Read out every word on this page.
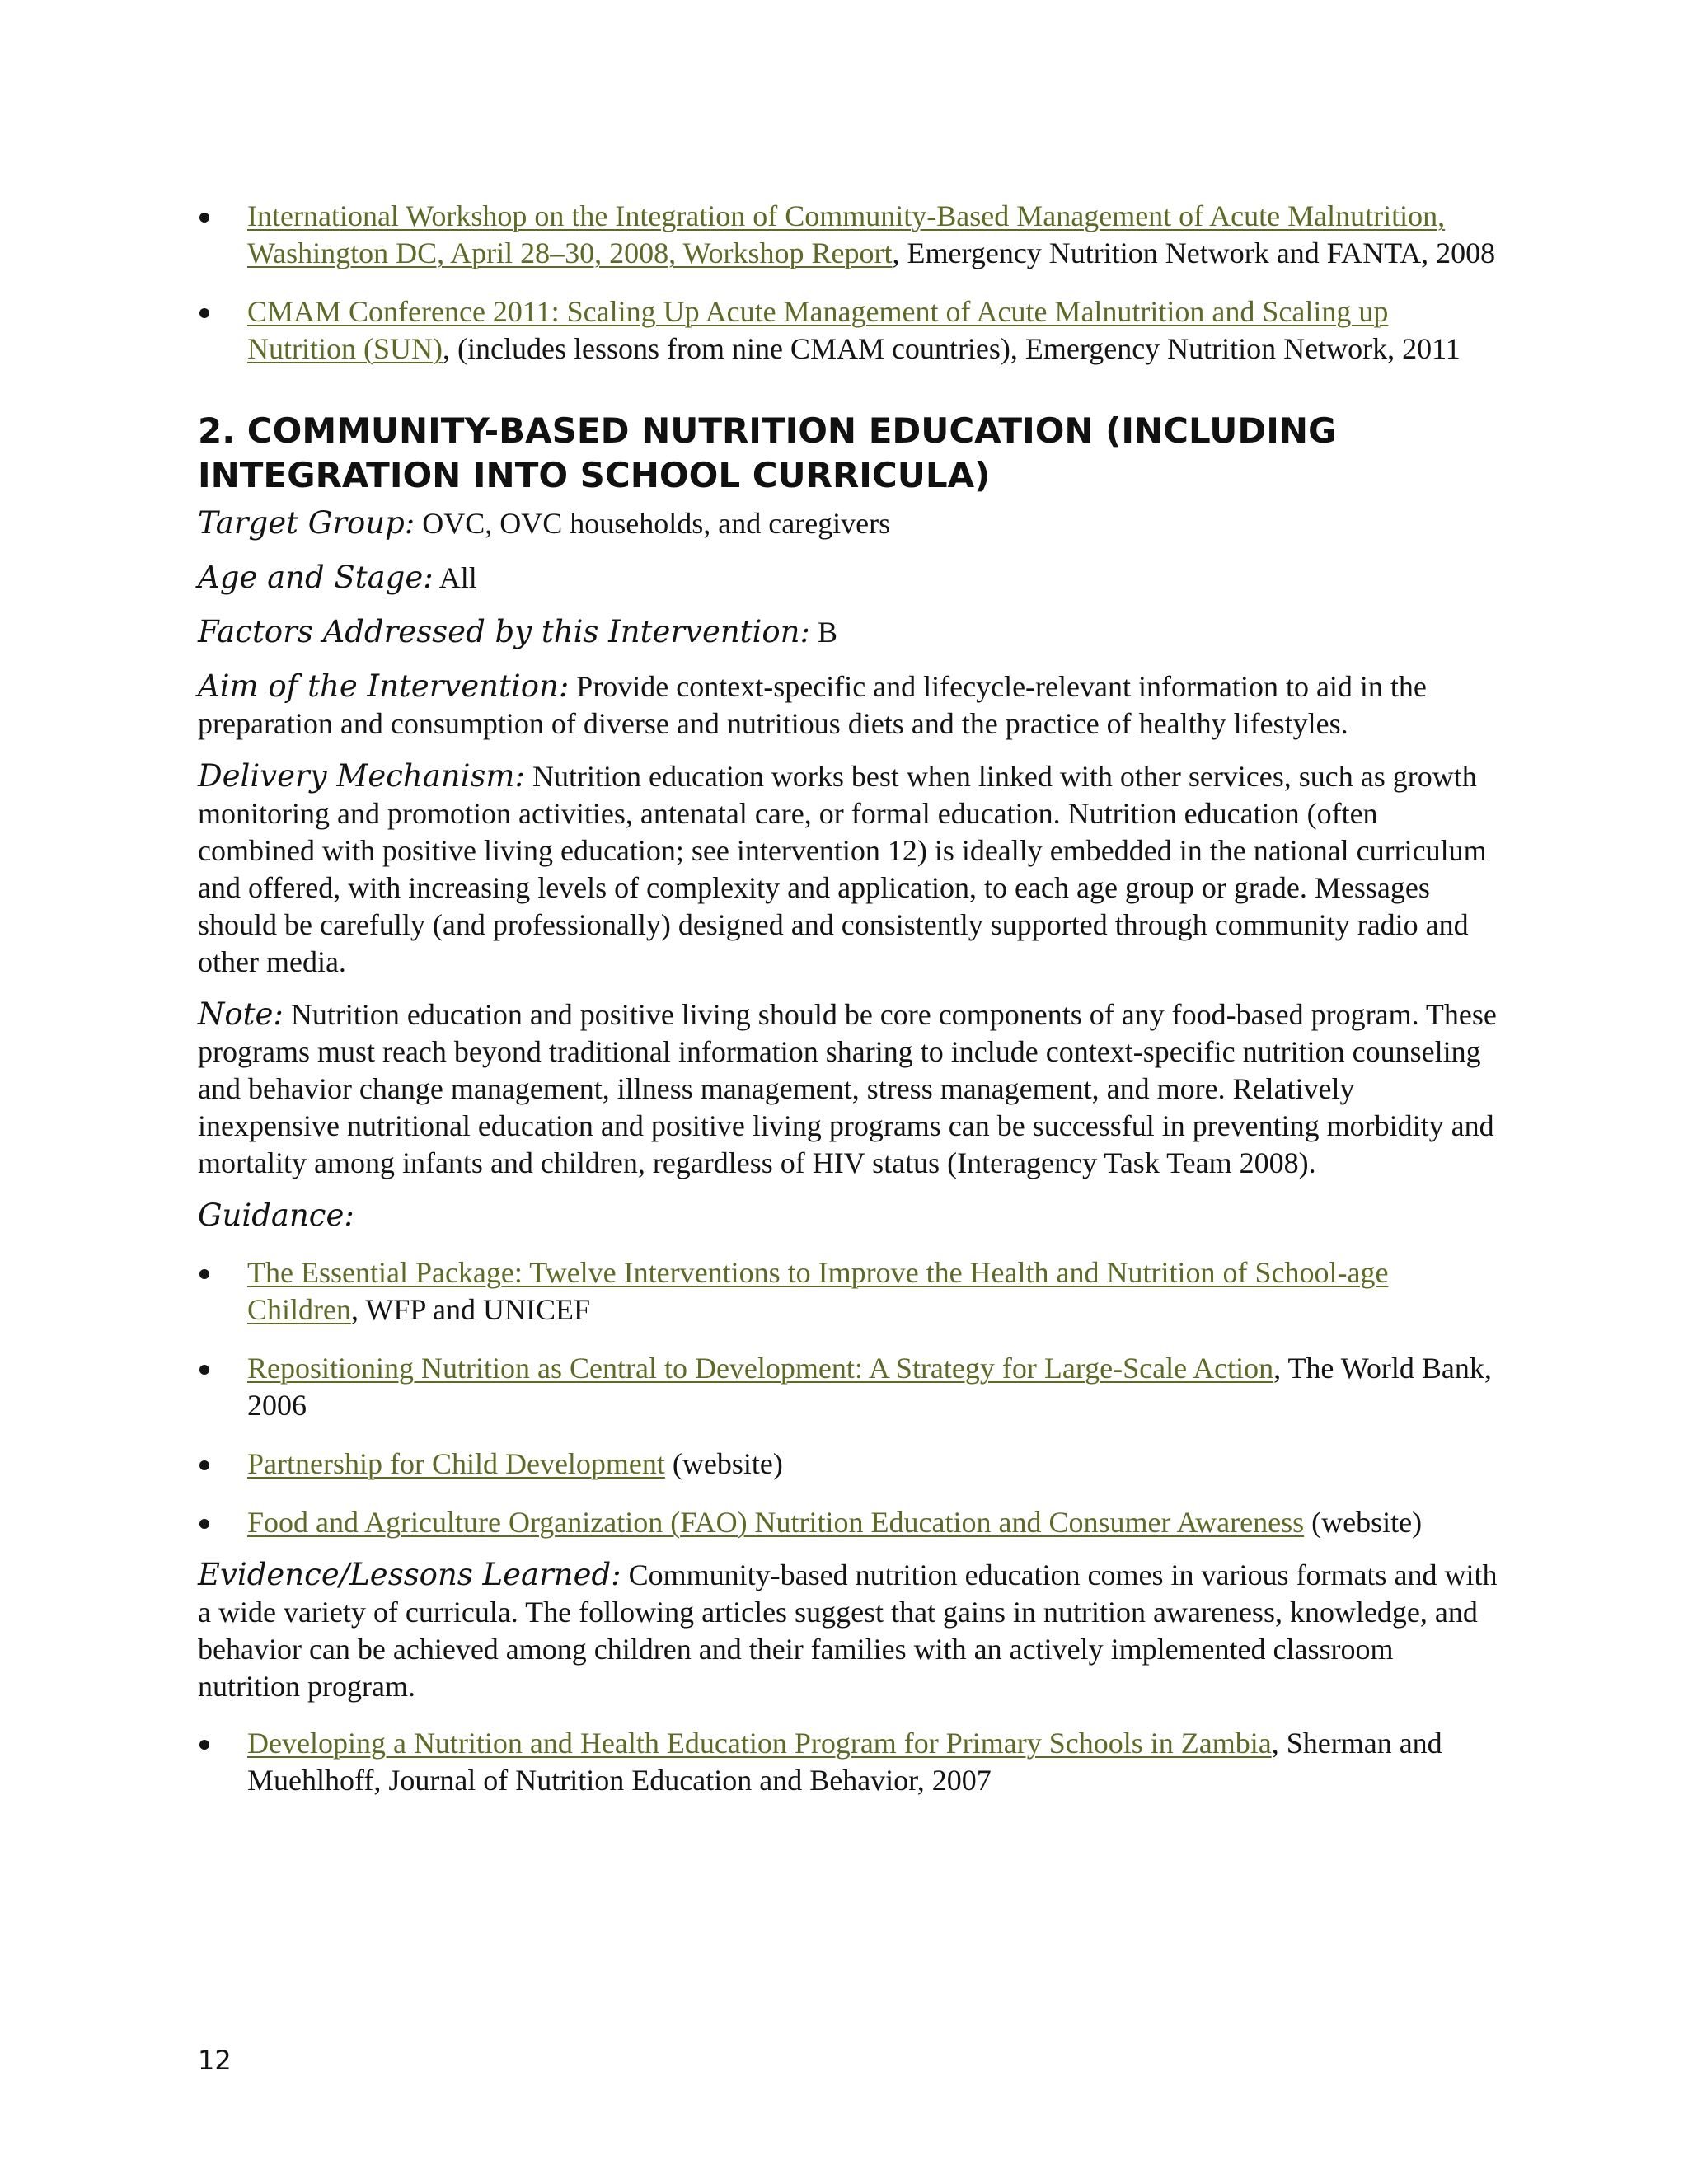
International Workshop on the Integration of Community-Based Management of Acute Malnutrition, Washington DC, April 28–30, 2008, Workshop Report, Emergency Nutrition Network and FANTA, 2008
CMAM Conference 2011: Scaling Up Acute Management of Acute Malnutrition and Scaling up Nutrition (SUN), (includes lessons from nine CMAM countries), Emergency Nutrition Network, 2011
2. COMMUNITY-BASED NUTRITION EDUCATION (INCLUDING INTEGRATION INTO SCHOOL CURRICULA)

Target Group: OVC, OVC households, and caregivers

Age and Stage: All

Factors Addressed by this Intervention: B

Aim of the Intervention: Provide context-specific and lifecycle-relevant information to aid in the preparation and consumption of diverse and nutritious diets and the practice of healthy lifestyles.

Delivery Mechanism: Nutrition education works best when linked with other services, such as growth monitoring and promotion activities, antenatal care, or formal education. Nutrition education (often combined with positive living education; see intervention 12) is ideally embedded in the national curriculum and offered, with increasing levels of complexity and application, to each age group or grade. Messages should be carefully (and professionally) designed and consistently supported through community radio and other media.

Note: Nutrition education and positive living should be core components of any food-based program. These programs must reach beyond traditional information sharing to include context-specific nutrition counseling and behavior change management, illness management, stress management, and more. Relatively inexpensive nutritional education and positive living programs can be successful in preventing morbidity and mortality among infants and children, regardless of HIV status (Interagency Task Team 2008).

Guidance:

The Essential Package: Twelve Interventions to Improve the Health and Nutrition of School-age Children, WFP and UNICEF
Repositioning Nutrition as Central to Development: A Strategy for Large-Scale Action, The World Bank, 2006
Partnership for Child Development (website)
Food and Agriculture Organization (FAO) Nutrition Education and Consumer Awareness (website)

Evidence/Lessons Learned: Community-based nutrition education comes in various formats and with a wide variety of curricula. The following articles suggest that gains in nutrition awareness, knowledge, and behavior can be achieved among children and their families with an actively implemented classroom nutrition program.

Developing a Nutrition and Health Education Program for Primary Schools in Zambia, Sherman and Muehlhoff, Journal of Nutrition Education and Behavior, 2007
12
